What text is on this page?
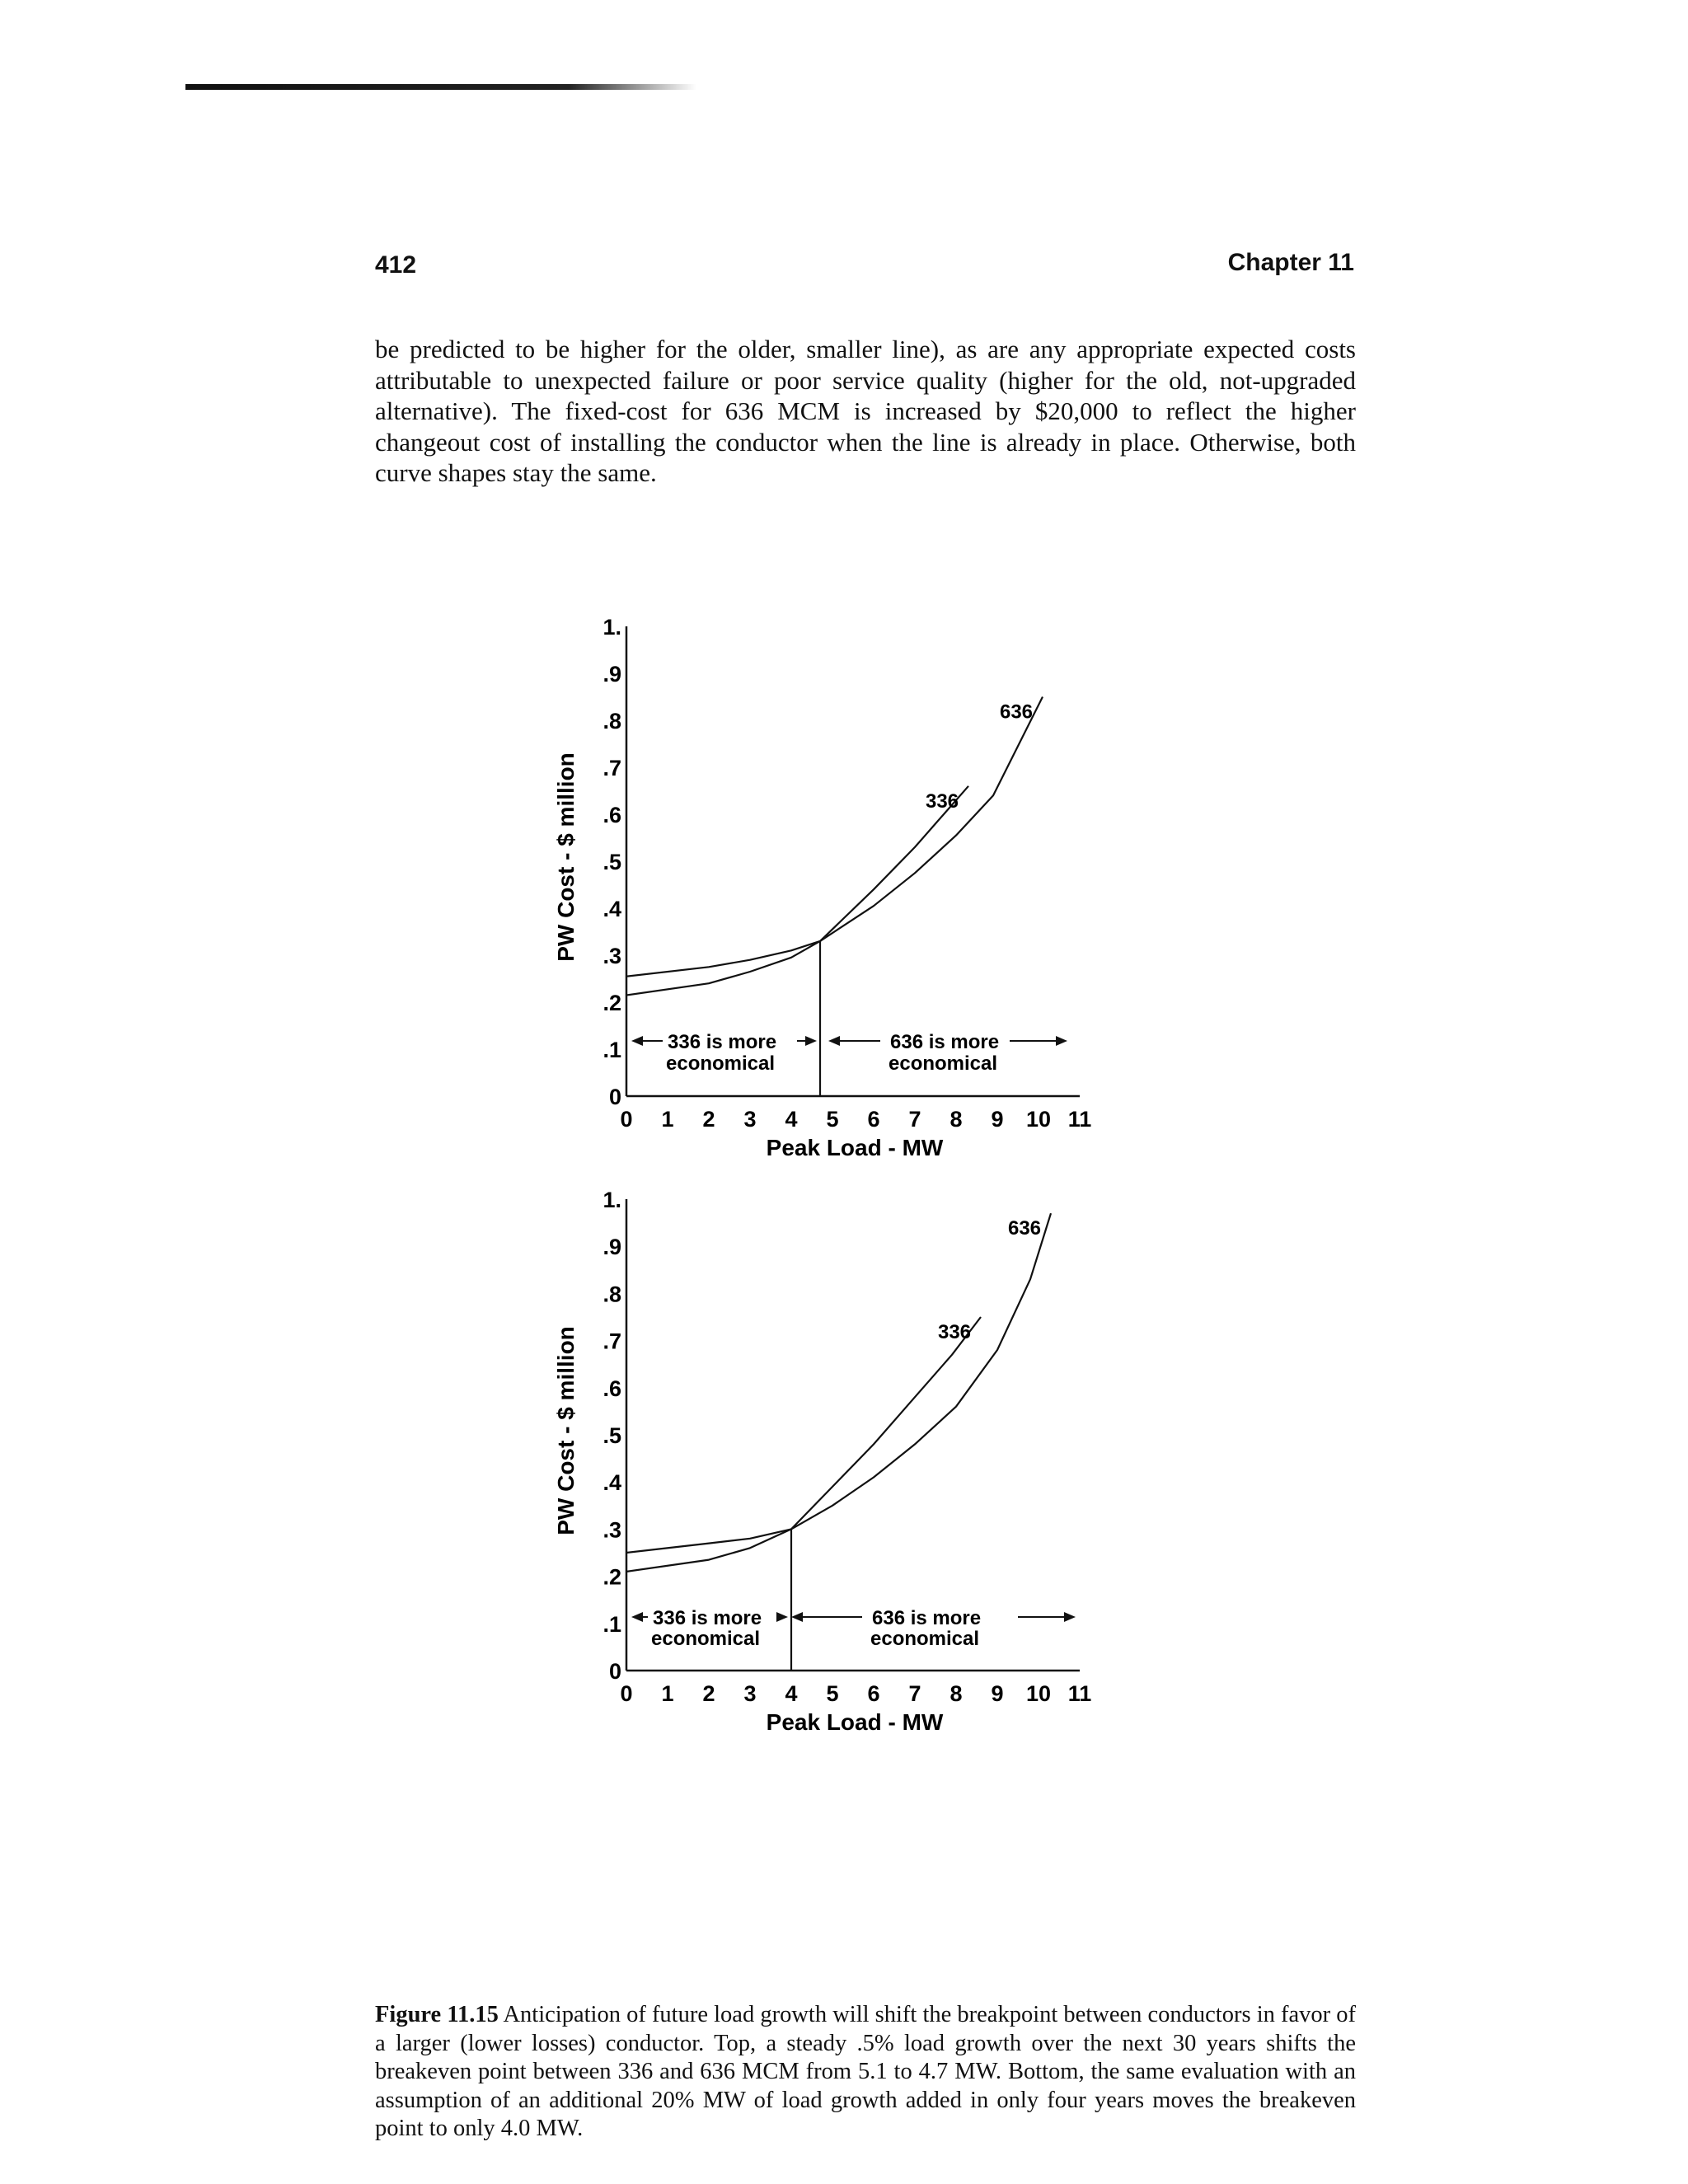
412	Chapter 11

be predicted to be higher for the older, smaller line), as are any appropriate expected costs attributable to unexpected failure or poor service quality (higher for the old, not-upgraded alternative). The fixed-cost for 636 MCM is increased by $20,000 to reflect the higher changeout cost of installing the conductor when the line is already in place. Otherwise, both curve shapes stay the same.

0
.1
.2
.3
.4
.5
.6
.7
.8
.9
1.
0 1 2 3 4 5 6 7 8 9 10 11
Peak Load - MW
PW Cost - $ million	336
636
336 is more
economical
636 is more
economical
0
.1
.2
.3
.4
.5
.6
.7
.8
.9
1.
0 1 2 3 4 5 6 7 8 9 10 11
Peak Load - MW
PW Cost - $ million	336
636
336 is more
economical
636 is more
economical

Figure 11.15 Anticipation of future load growth will shift the breakpoint between conductors in favor of a larger (lower losses) conductor. Top, a steady .5% load growth over the next 30 years shifts the breakeven point between 336 and 636 MCM from 5.1 to 4.7 MW. Bottom, the same evaluation with an assumption of an additional 20% MW of load growth added in only four years moves the breakeven point to only 4.0 MW.
